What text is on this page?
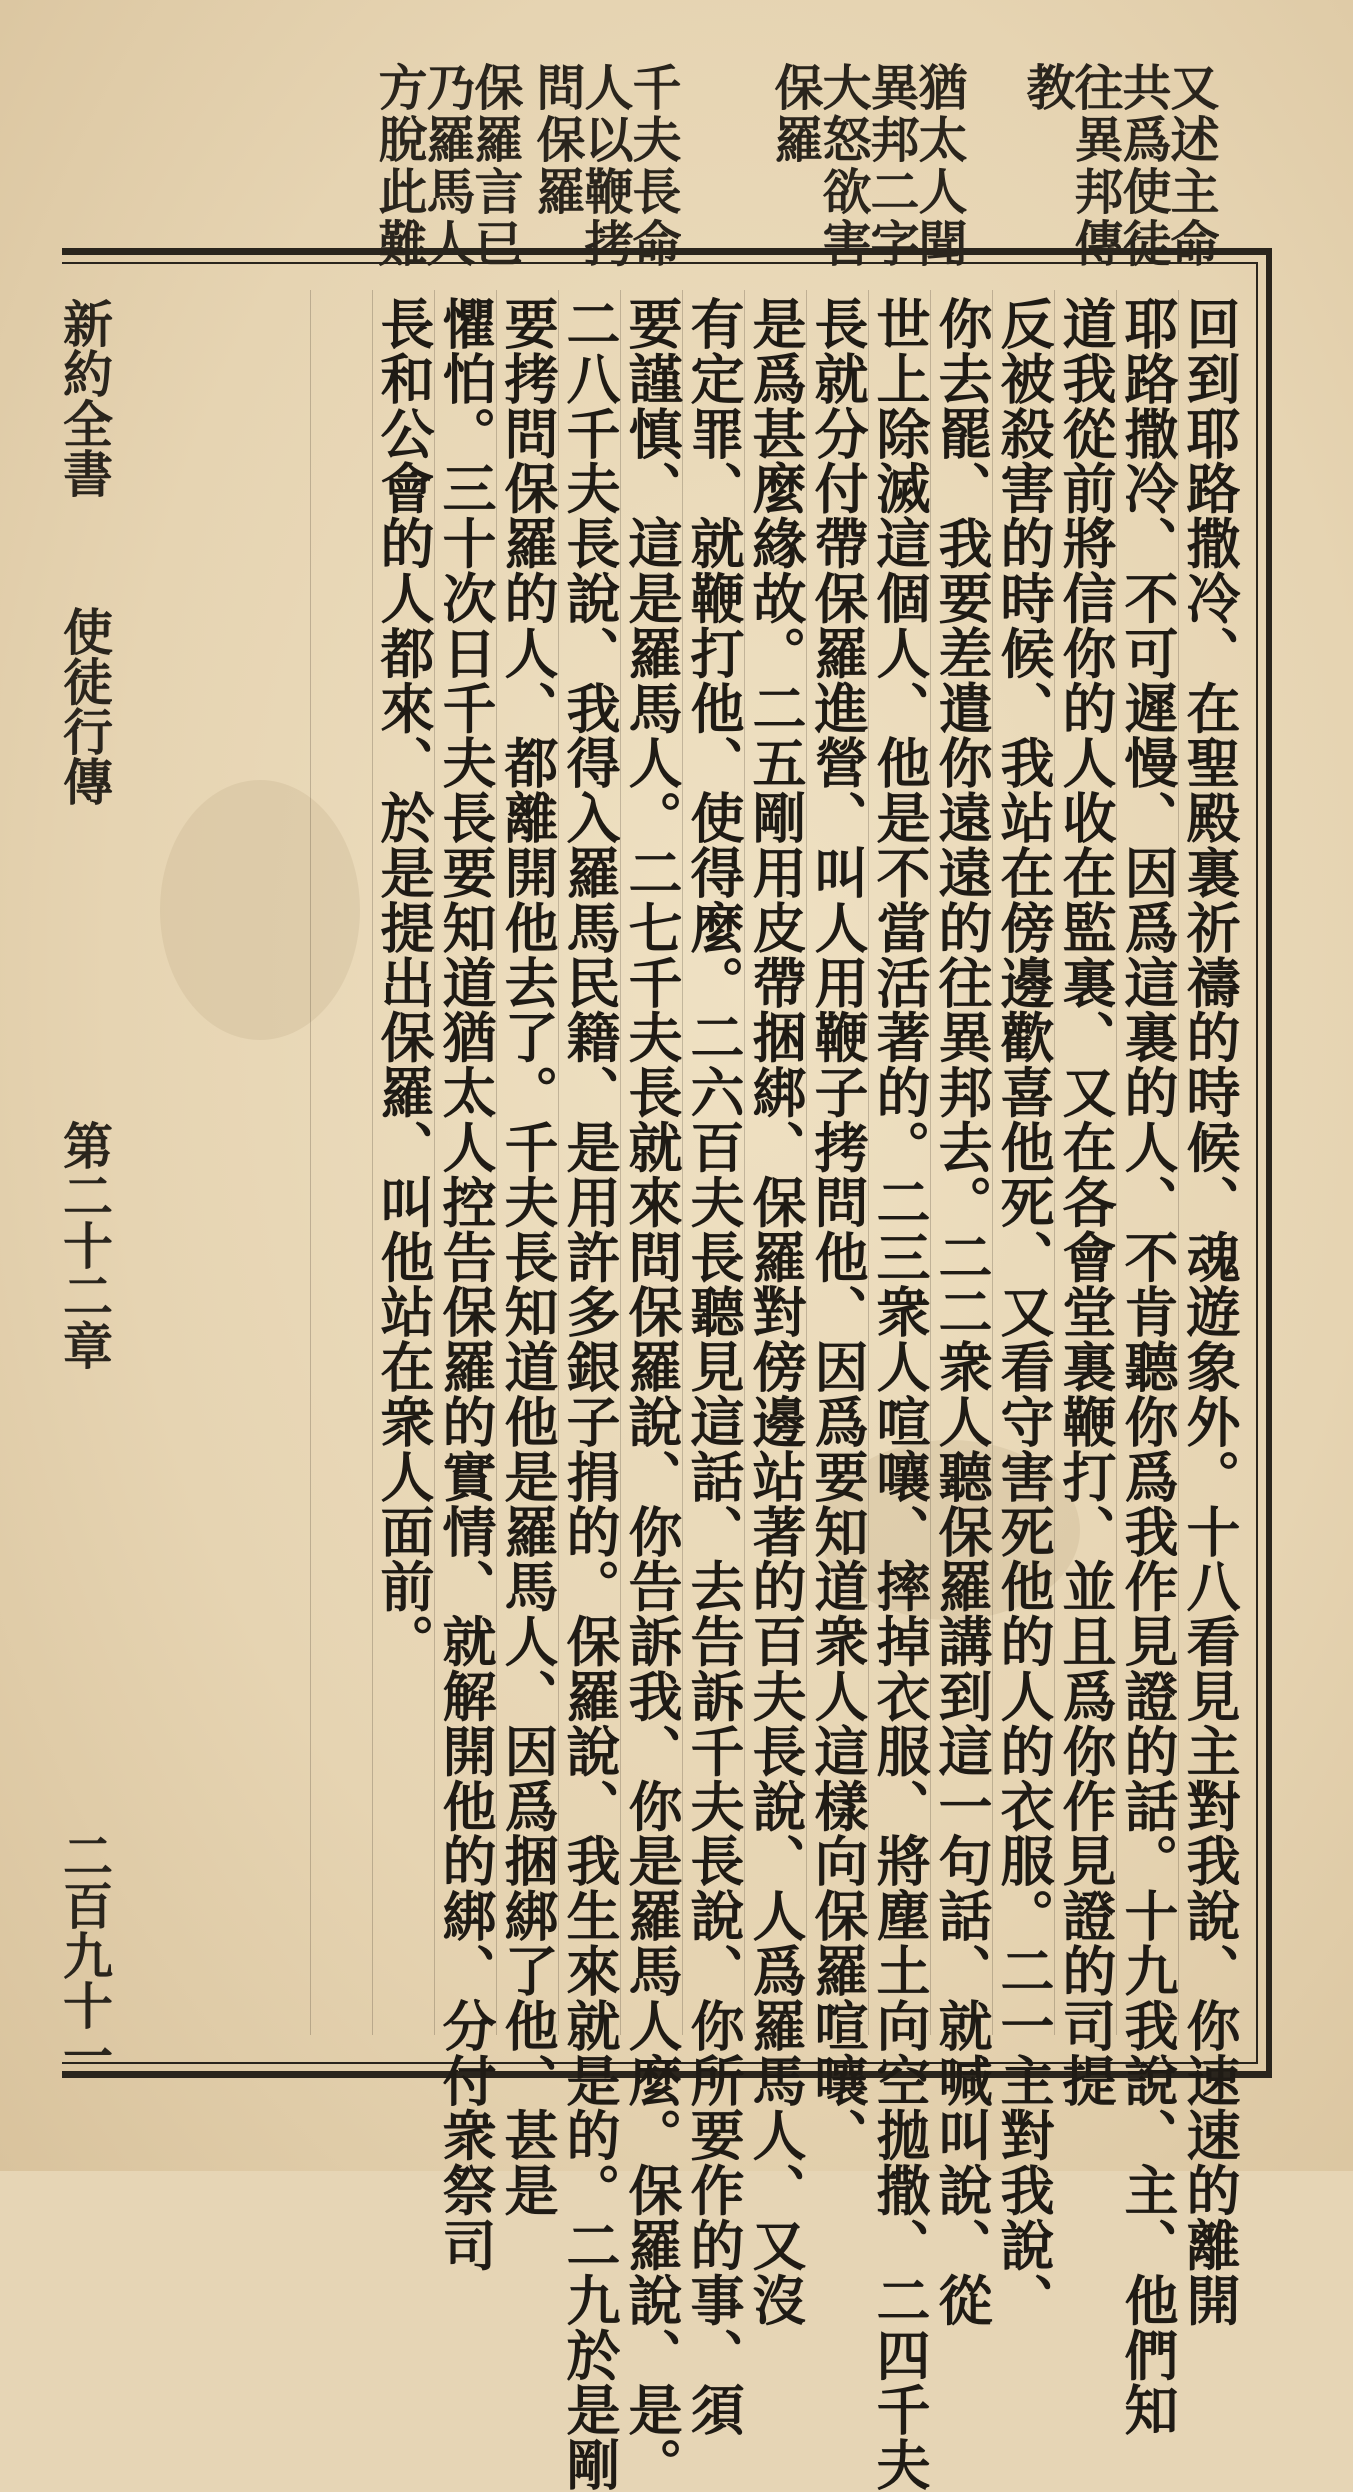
又述主命
共爲使徒
往異邦傳
教
猶太人聞
異邦二字
大怒欲害
保羅
千夫長命
人以鞭拷
問保羅
保羅言已
乃羅馬人
方脫此難
回到耶路撒冷、在聖殿裏祈禱的時候、魂遊象外。十八看見主對我說、你速速的離開
耶路撒冷、不可遲慢、因爲這裏的人、不肯聽你爲我作見證的話。十九我說、主、他們知
道我從前將信你的人收在監裏、又在各會堂裏鞭打、並且爲你作見證的司提
反被殺害的時候、我站在傍邊歡喜他死、又看守害死他的人的衣服。二一主對我說、
你去罷、我要差遣你遠遠的往異邦去。二二衆人聽保羅講到這一句話、就喊叫說、從
世上除滅這個人、他是不當活著的。二三衆人喧嚷、摔掉衣服、將塵土向空拋撒、二四千夫
長就分付帶保羅進營、叫人用鞭子拷問他、因爲要知道衆人這樣向保羅喧嚷、
是爲甚麼緣故。二五剛用皮帶捆綁、保羅對傍邊站著的百夫長說、人爲羅馬人、又沒
有定罪、就鞭打他、使得麼。二六百夫長聽見這話、去告訴千夫長說、你所要作的事、須
要謹慎、這是羅馬人。二七千夫長就來問保羅說、你告訴我、你是羅馬人麼。保羅說、是。
二八千夫長說、我得入羅馬民籍、是用許多銀子捐的。保羅說、我生來就是的。二九於是剛
要拷問保羅的人、都離開他去了。千夫長知道他是羅馬人、因爲捆綁了他、甚是
懼怕。三十次日千夫長要知道猶太人控告保羅的實情、就解開他的綁、分付衆祭司
長和公會的人都來、於是提出保羅、叫他站在衆人面前。
新約全書
使徒行傳
第二十二章
二百九十一
